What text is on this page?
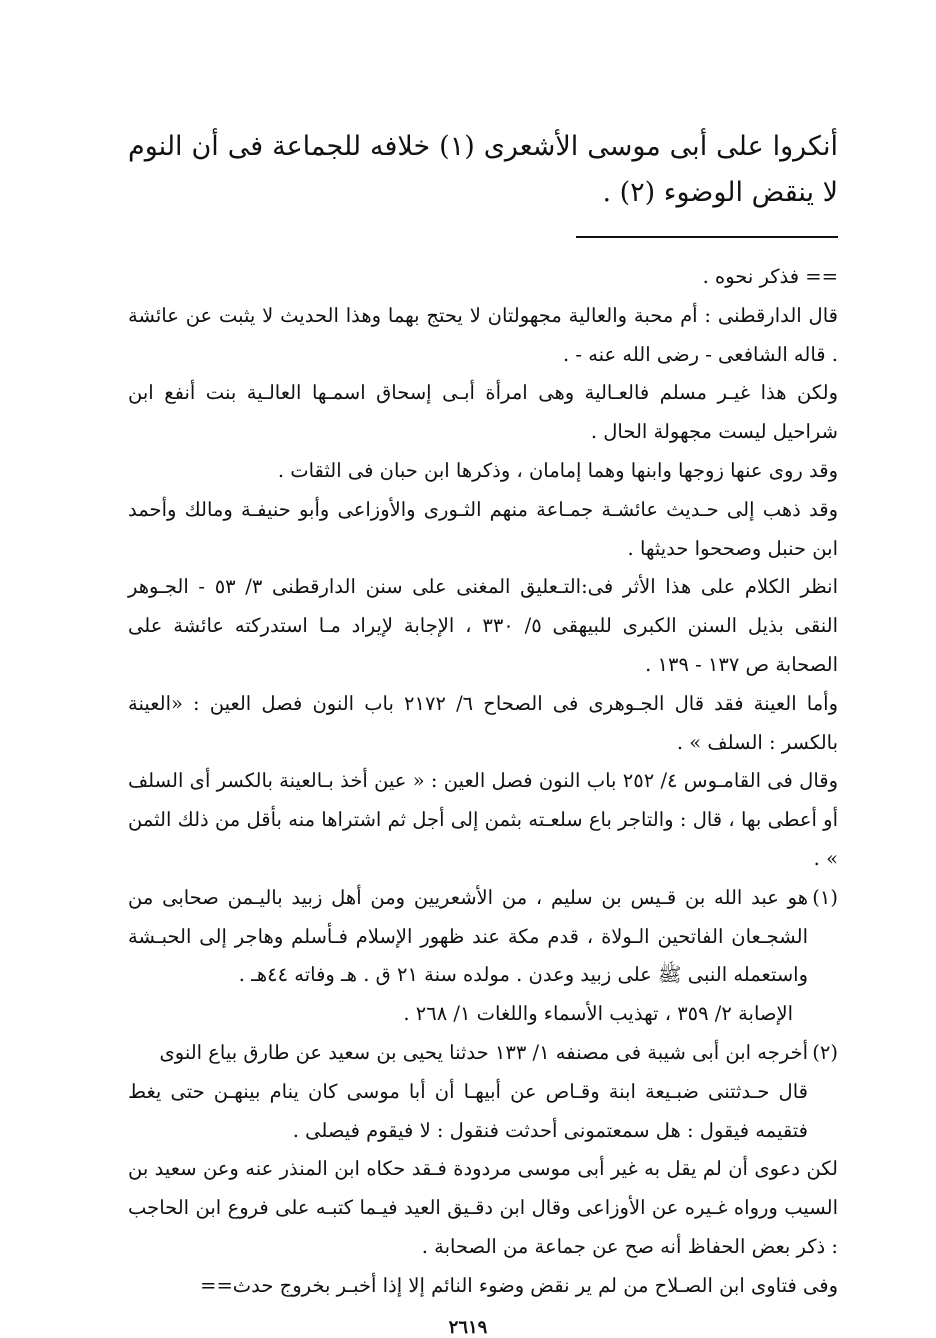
أنكروا على أبى موسى الأشعرى (١) خلافه للجماعة فى أن النوم لا ينقض الوضوء (٢) .
== فذكر نحوه .
قال الدارقطنى : أم محبة والعالية مجهولتان لا يحتج بهما وهذا الحديث لا يثبت عن عائشة . قاله الشافعى - رضى الله عنه - .
ولكن هذا غيـر مسلم فالعـالية وهى امرأة أبـى إسحاق اسمـها العالـية بنت أنفع ابن شراحيل ليست مجهولة الحال .
وقد روى عنها زوجها وابنها وهما إمامان ، وذكرها ابن حبان فى الثقات .
وقد ذهب إلى حـديث عائشـة جمـاعة منهم الثـورى والأوزاعى وأبو حنيفـة ومالك وأحمد ابن حنبل وصححوا حديثها .
انظر الكلام على هذا الأثر فى:التـعليق المغنى على سنن الدارقطنى ٣/ ٥٣ - الجـوهر النقى بذيل السنن الكبرى للبيهقى ٥/ ٣٣٠ ، الإجابة لإيراد مـا استدركته عائشة على الصحابة ص ١٣٧ - ١٣٩ .
وأما العينة فقد قال الجـوهرى فى الصحاح ٦/ ٢١٧٢ باب النون فصل العين : «العينة بالكسر : السلف » .
وقال فى القامـوس ٤/ ٢٥٢ باب النون فصل العين : « عين أخذ بـالعينة بالكسر أى السلف أو أعطى بها ، قال : والتاجر باع سلعـته بثمن إلى أجل ثم اشتراها منه بأقل من ذلك الثمن » .
(١)
هو عبد الله بن قـيس بن سليم ، من الأشعريين ومن أهل زبيد باليـمن صحابى من الشجـعان الفاتحين الـولاة ، قدم مكة عند ظهور الإسلام فـأسلم وهاجر إلى الحبـشة واستعمله النبى ﷺ على زبيد وعدن . مولده سنة ٢١ ق . هـ وفاته ٤٤هـ .
الإصابة ٢/ ٣٥٩ ، تهذيب الأسماء واللغات ١/ ٢٦٨ .
(٢)
أخرجه ابن أبى شيبة فى مصنفه ١/ ١٣٣ حدثنا يحيى بن سعيد عن طارق بياع النوى
قال حـدثتنى ضبـيعة ابنة وقـاص عن أبيهـا أن أبا موسى كان ينام بينهـن حتى يغط فتقيمه فيقول : هل سمعتمونى أحدثت فنقول : لا فيقوم فيصلى .
لكن دعوى أن لم يقل به غير أبى موسى مردودة فـقد حكاه ابن المنذر عنه وعن سعيد بن السيب ورواه غـيره عن الأوزاعى وقال ابن دقـيق العيد فيـما كتبـه على فروع ابن الحاجب : ذكر بعض الحفاظ أنه صح عن جماعة من الصحابة .
وفى فتاوى ابن الصـلاح من لم ير نقض وضوء النائم إلا إذا أخبـر بخروج حدث==
٢٦١٩
